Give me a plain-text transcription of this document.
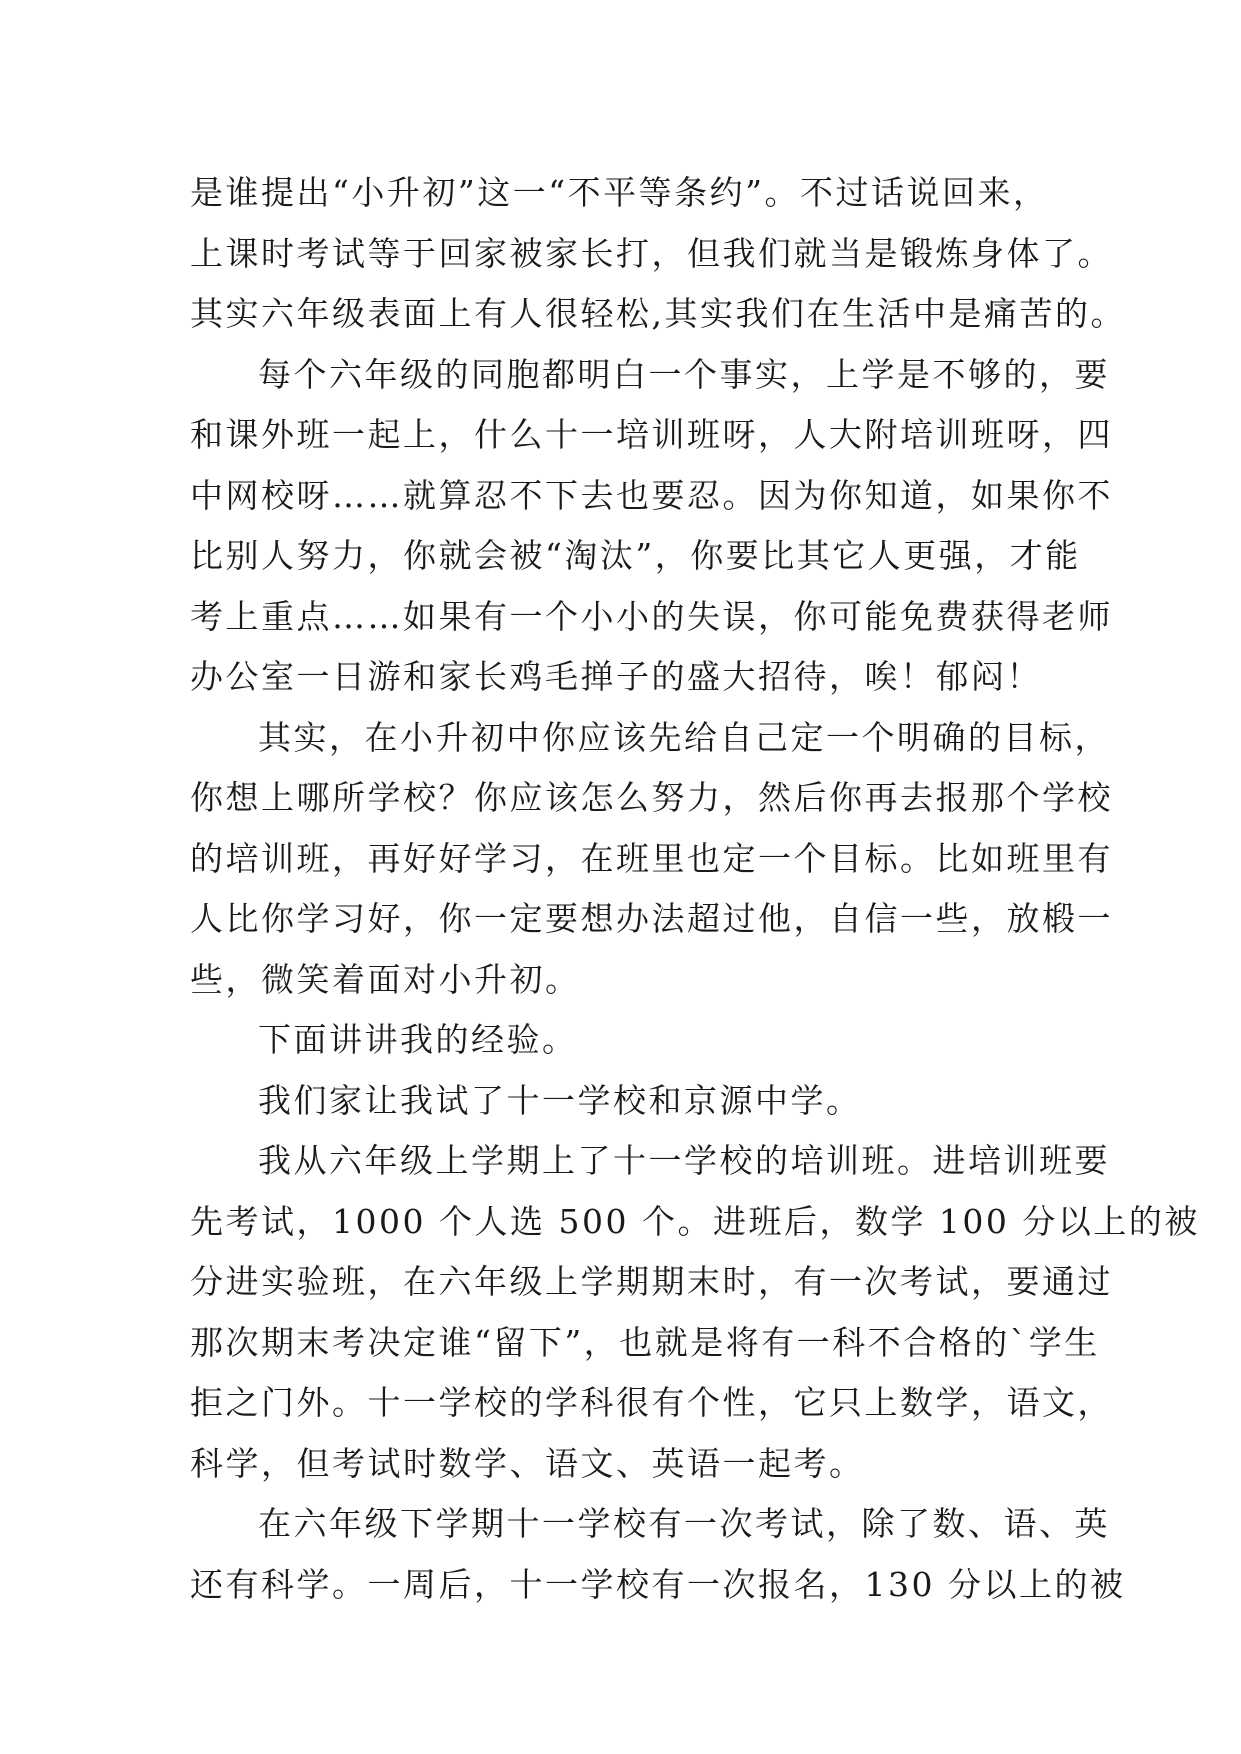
是谁提出“小升初”这一“不平等条约”。不过话说回来，
上课时考试等于回家被家长打，但我们就当是锻炼身体了。
其实六年级表面上有人很轻松,其实我们在生活中是痛苦的。
每个六年级的同胞都明白一个事实，上学是不够的，要
和课外班一起上，什么十一培训班呀，人大附培训班呀，四
中网校呀……就算忍不下去也要忍。因为你知道，如果你不
比别人努力，你就会被“淘汰”，你要比其它人更强，才能
考上重点……如果有一个小小的失误，你可能免费获得老师
办公室一日游和家长鸡毛掸子的盛大招待，唉！郁闷！
其实，在小升初中你应该先给自己定一个明确的目标，
你想上哪所学校？你应该怎么努力，然后你再去报那个学校
的培训班，再好好学习，在班里也定一个目标。比如班里有
人比你学习好，你一定要想办法超过他，自信一些，放椴一
些，微笑着面对小升初。
下面讲讲我的经验。
我们家让我试了十一学校和京源中学。
我从六年级上学期上了十一学校的培训班。进培训班要
先考试，1000 个人选 500 个。进班后，数学 100 分以上的被
分进实验班，在六年级上学期期末时，有一次考试，要通过
那次期末考决定谁“留下”，也就是将有一科不合格的`学生
拒之门外。十一学校的学科很有个性，它只上数学，语文，
科学，但考试时数学、语文、英语一起考。
在六年级下学期十一学校有一次考试，除了数、语、英
还有科学。一周后，十一学校有一次报名，130 分以上的被
